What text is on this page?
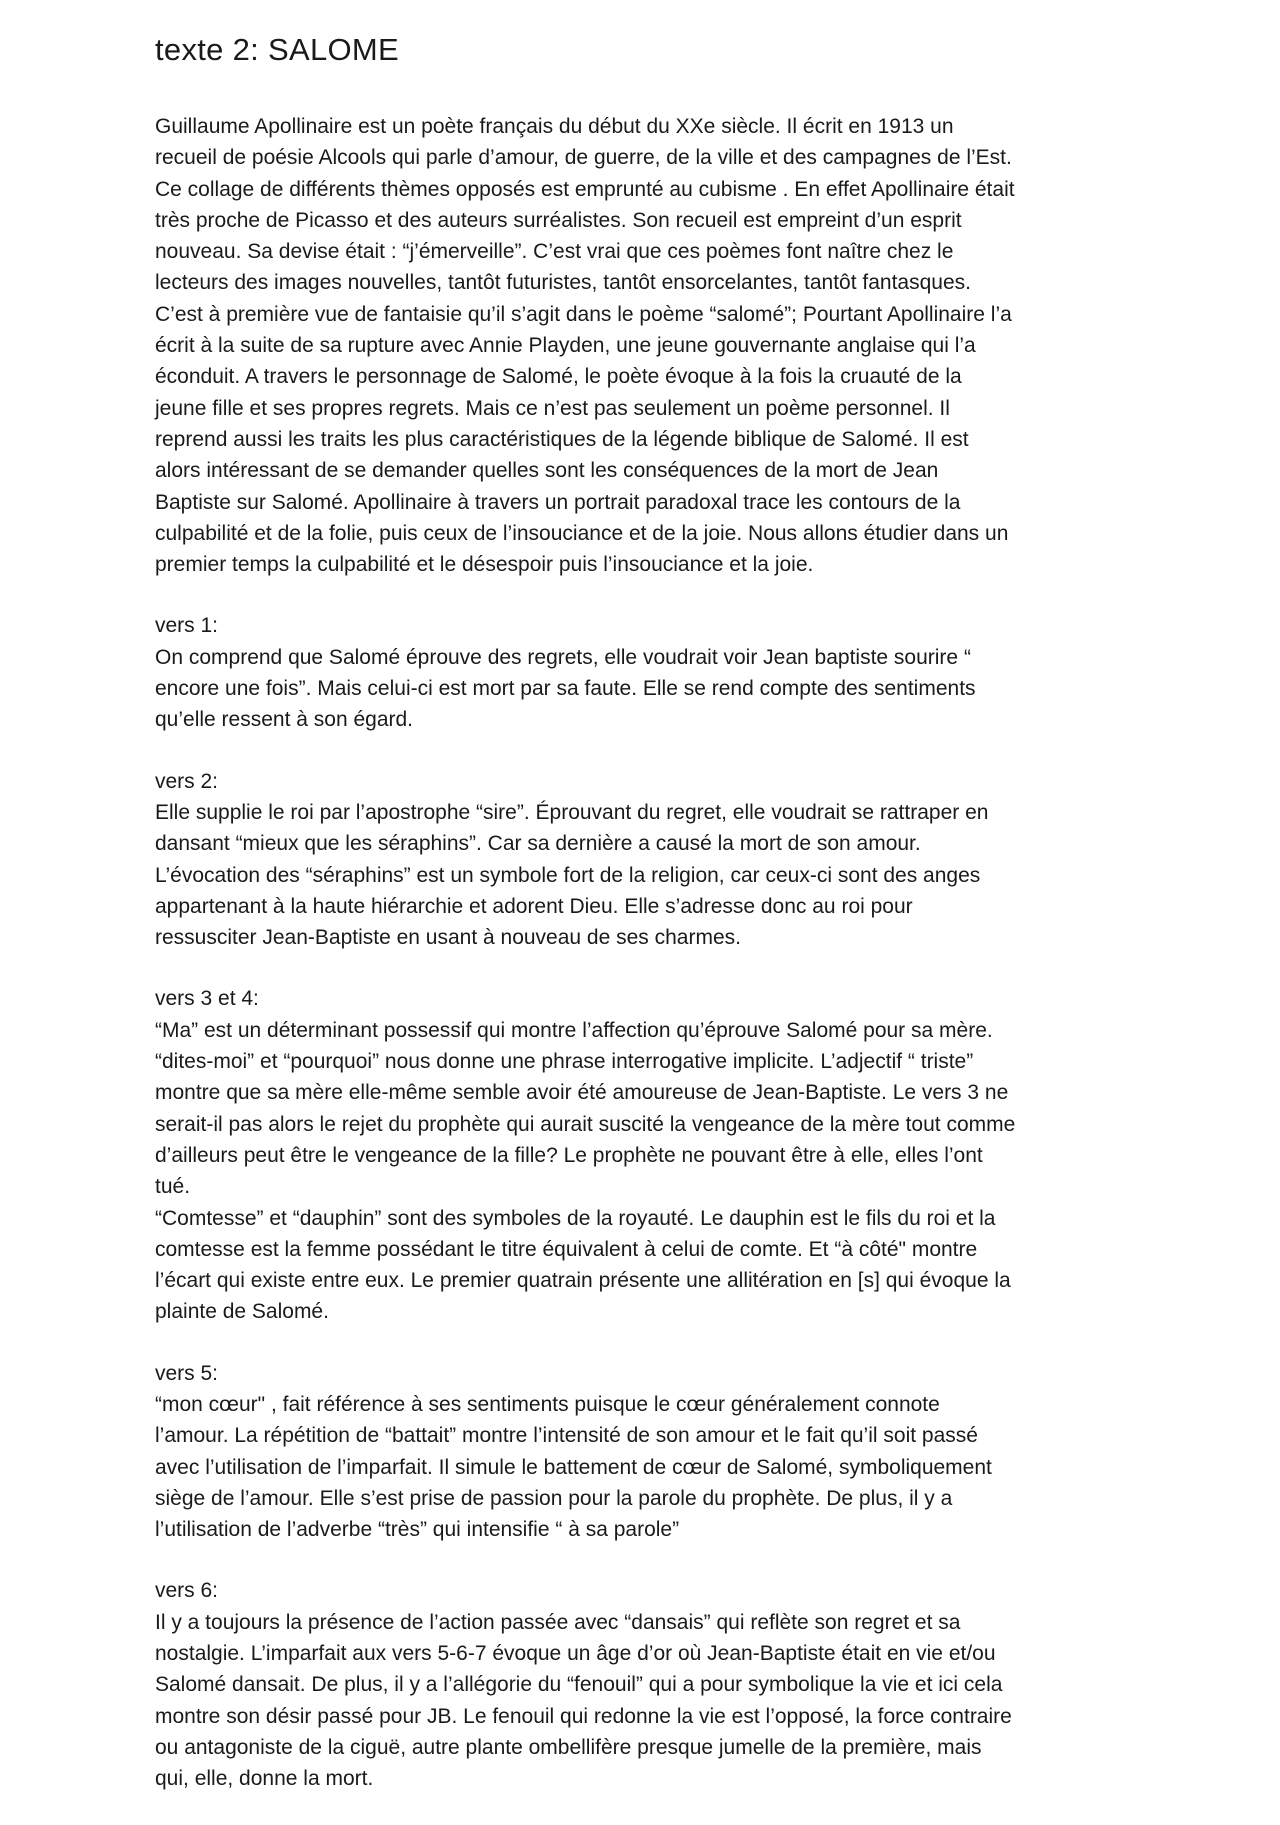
texte 2: SALOME

Guillaume Apollinaire est un poète français du début du XXe siècle. Il écrit en 1913 un
recueil de poésie Alcools qui parle d’amour, de guerre, de la ville et des campagnes de l’Est.
Ce collage de différents thèmes opposés est emprunté au cubisme . En effet Apollinaire était
très proche de Picasso et des auteurs surréalistes. Son recueil est empreint d’un esprit
nouveau. Sa devise était : “j’émerveille”. C’est vrai que ces poèmes font naître chez le
lecteurs des images nouvelles, tantôt futuristes, tantôt ensorcelantes, tantôt fantasques.
C’est à première vue de fantaisie qu’il s’agit dans le poème “salomé”; Pourtant Apollinaire l’a
écrit à la suite de sa rupture avec Annie Playden, une jeune gouvernante anglaise qui l’a
éconduit. A travers le personnage de Salomé, le poète évoque à la fois la cruauté de la
jeune fille et ses propres regrets. Mais ce n’est pas seulement un poème personnel. Il
reprend aussi les traits les plus caractéristiques de la légende biblique de Salomé. Il est
alors intéressant de se demander quelles sont les conséquences de la mort de Jean
Baptiste sur Salomé. Apollinaire à travers un portrait paradoxal trace les contours de la
culpabilité et de la folie, puis ceux de l’insouciance et de la joie. Nous allons étudier dans un
premier temps la culpabilité et le désespoir puis l’insouciance et la joie.

vers 1:

On comprend que Salomé éprouve des regrets, elle voudrait voir Jean baptiste sourire “
encore une fois”. Mais celui-ci est mort par sa faute. Elle se rend compte des sentiments
qu’elle ressent à son égard.

vers 2:

Elle supplie le roi par l’apostrophe “sire”. Éprouvant du regret, elle voudrait se rattraper en
dansant “mieux que les séraphins”. Car sa dernière a causé la mort de son amour.
L’évocation des “séraphins” est un symbole fort de la religion, car ceux-ci sont des anges
appartenant à la haute hiérarchie et adorent Dieu. Elle s’adresse donc au roi pour
ressusciter Jean-Baptiste en usant à nouveau de ses charmes.

vers 3 et 4:

“Ma” est un déterminant possessif qui montre l’affection qu’éprouve Salomé pour sa mère.
“dites-moi” et “pourquoi” nous donne une phrase interrogative implicite. L’adjectif “ triste”
montre que sa mère elle-même semble avoir été amoureuse de Jean-Baptiste. Le vers 3 ne
serait-il pas alors le rejet du prophète qui aurait suscité la vengeance de la mère tout comme
d’ailleurs peut être le vengeance de la fille? Le prophète ne pouvant être à elle, elles l’ont
tué.
“Comtesse” et “dauphin” sont des symboles de la royauté. Le dauphin est le fils du roi et la
comtesse est la femme possédant le titre équivalent à celui de comte. Et “à côté" montre
l’écart qui existe entre eux. Le premier quatrain présente une allitération en [s] qui évoque la
plainte de Salomé.

vers 5:

“mon cœur" , fait référence à ses sentiments puisque le cœur généralement connote
l’amour. La répétition de “battait” montre l’intensité de son amour et le fait qu’il soit passé
avec l’utilisation de l’imparfait. Il simule le battement de cœur de Salomé, symboliquement
siège de l’amour. Elle s’est prise de passion pour la parole du prophète. De plus, il y a
l’utilisation de l’adverbe “très” qui intensifie “ à sa parole”

vers 6:

Il y a toujours la présence de l’action passée avec “dansais” qui reflète son regret et sa
nostalgie. L’imparfait aux vers 5-6-7 évoque un âge d’or où Jean-Baptiste était en vie et/ou
Salomé dansait. De plus, il y a l’allégorie du “fenouil” qui a pour symbolique la vie et ici cela
montre son désir passé pour JB. Le fenouil qui redonne la vie est l’opposé, la force contraire
ou antagoniste de la ciguë, autre plante ombellifère presque jumelle de la première, mais
qui, elle, donne la mort.
